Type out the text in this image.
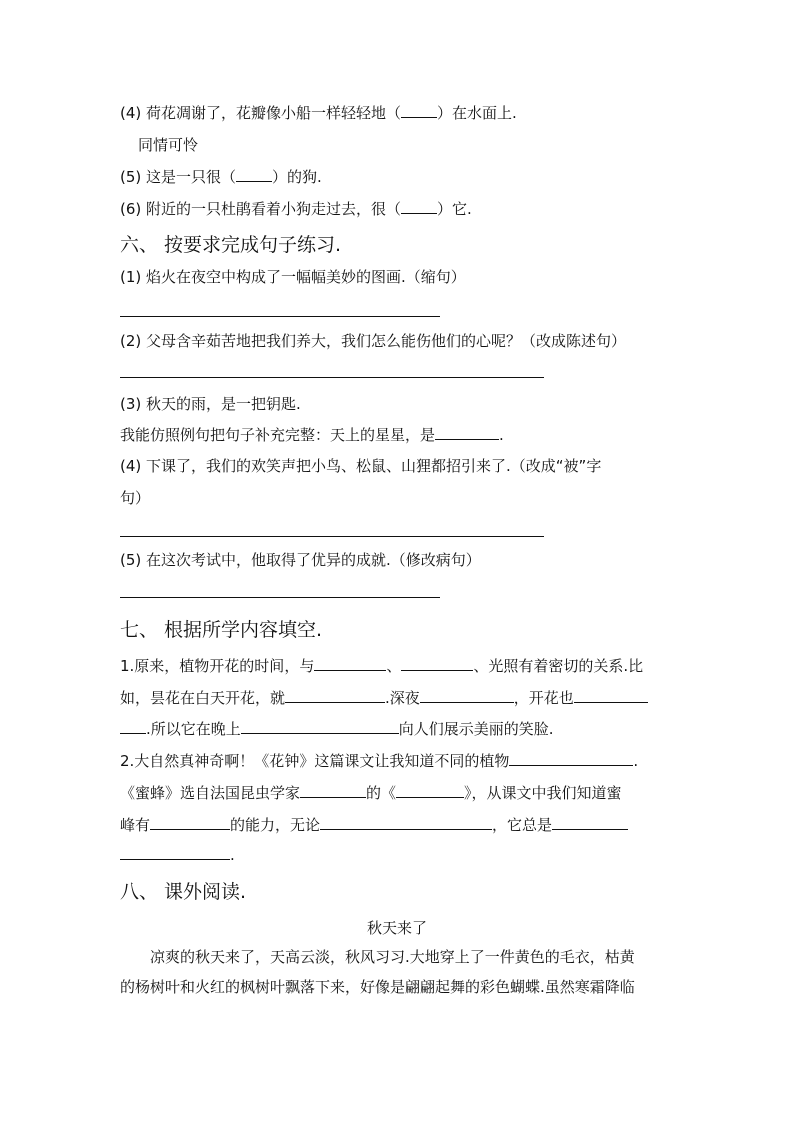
(4) 荷花凋谢了，花瓣像小船一样轻轻地（ ）在水面上.
同情可怜
(5) 这是一只很（ ）的狗.
(6) 附近的一只杜鹃看着小狗走过去，很（ ）它.
六、 按要求完成句子练习.
(1) 焰火在夜空中构成了一幅幅美妙的图画.（缩句）
(2) 父母含辛茹苦地把我们养大，我们怎么能伤他们的心呢？（改成陈述句）
(3) 秋天的雨，是一把钥匙.
我能仿照例句把句子补充完整：天上的星星，是	.
(4) 下课了，我们的欢笑声把小鸟、松鼠、山狸都招引来了.（改成“被”字
句）
(5) 在这次考试中，他取得了优异的成就.（修改病句）
七、 根据所学内容填空.
1.原来，植物开花的时间，与	、	、光照有着密切的关系.比
如，昙花在白天开花，就	.深夜	，开花也
.所以它在晚上	向人们展示美丽的笑脸.
2.大自然真神奇啊！《花钟》这篇课文让我知道不同的植物	.
《蜜蜂》选自法国昆虫学家	的《	》，从课文中我们知道蜜
峰有	的能力，无论	，它总是
.
八、 课外阅读.
秋天来了
凉爽的秋天来了，天高云淡，秋风习习.大地穿上了一件黄色的毛衣，枯黄
的杨树叶和火红的枫树叶飘落下来，好像是翩翩起舞的彩色蝴蝶.虽然寒霜降临
